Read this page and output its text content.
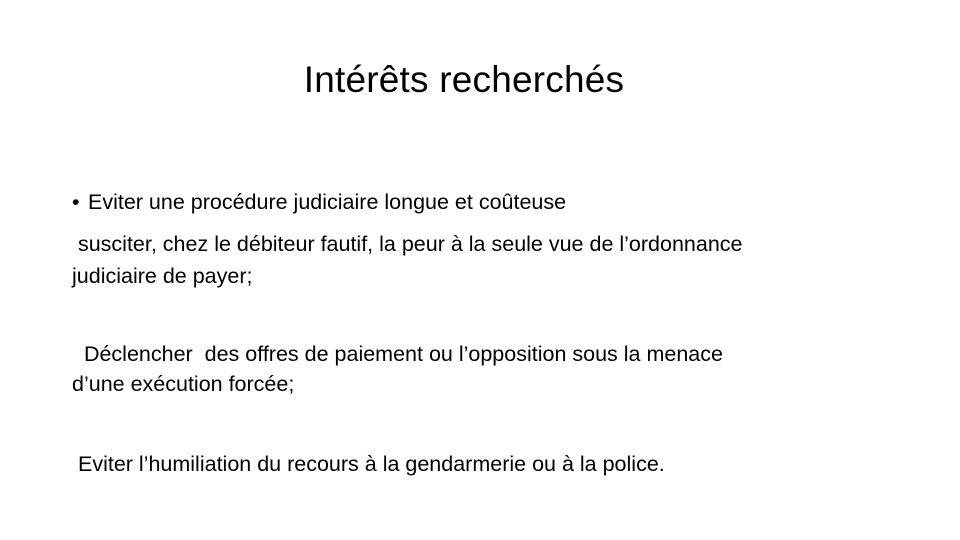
Intérêts recherchés

• Eviter une procédure judiciaire longue et coûteuse

susciter, chez le débiteur fautif, la peur à la seule vue de l’ordonnance

judiciaire de payer;

Déclencher  des offres de paiement ou l’opposition sous la menace

d’une exécution forcée;

Eviter l’humiliation du recours à la gendarmerie ou à la police.
